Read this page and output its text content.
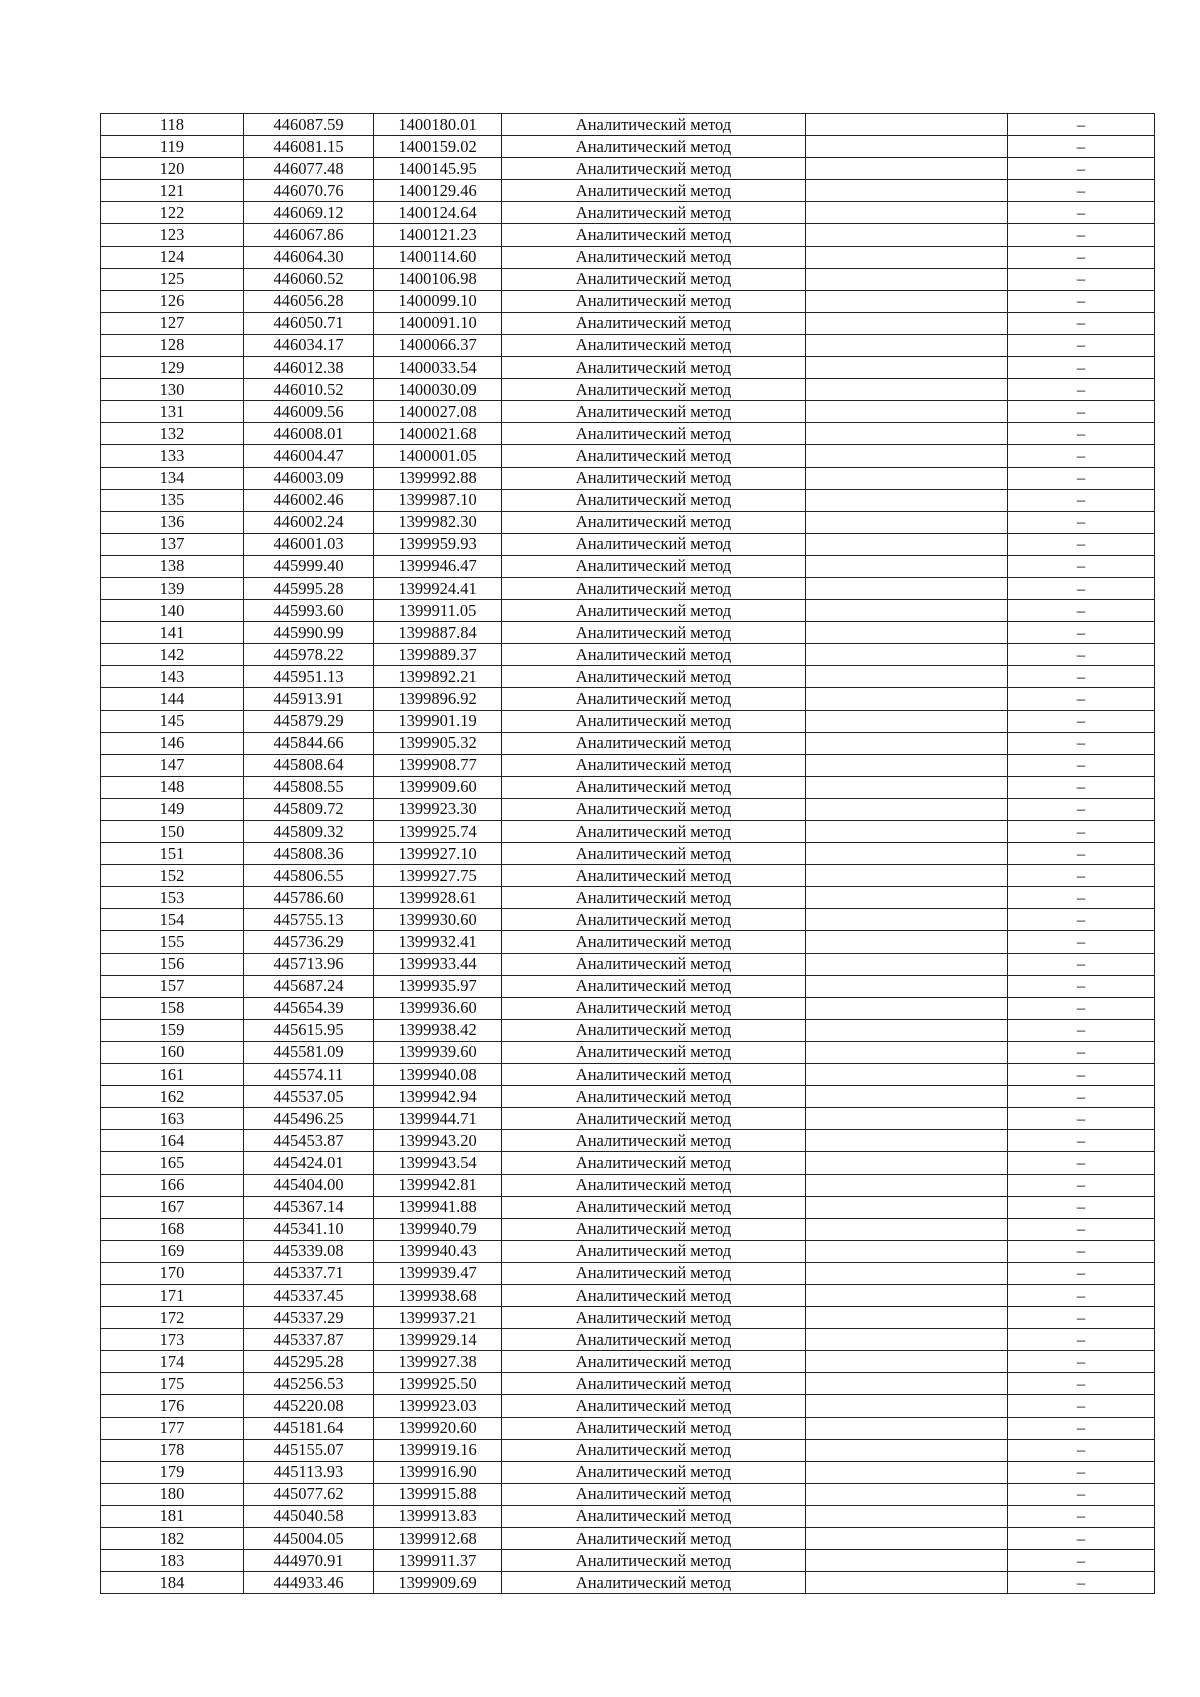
118	446087.59	1400180.01	Аналитический метод		–
119	446081.15	1400159.02	Аналитический метод		–
120	446077.48	1400145.95	Аналитический метод		–
121	446070.76	1400129.46	Аналитический метод		–
122	446069.12	1400124.64	Аналитический метод		–
123	446067.86	1400121.23	Аналитический метод		–
124	446064.30	1400114.60	Аналитический метод		–
125	446060.52	1400106.98	Аналитический метод		–
126	446056.28	1400099.10	Аналитический метод		–
127	446050.71	1400091.10	Аналитический метод		–
128	446034.17	1400066.37	Аналитический метод		–
129	446012.38	1400033.54	Аналитический метод		–
130	446010.52	1400030.09	Аналитический метод		–
131	446009.56	1400027.08	Аналитический метод		–
132	446008.01	1400021.68	Аналитический метод		–
133	446004.47	1400001.05	Аналитический метод		–
134	446003.09	1399992.88	Аналитический метод		–
135	446002.46	1399987.10	Аналитический метод		–
136	446002.24	1399982.30	Аналитический метод		–
137	446001.03	1399959.93	Аналитический метод		–
138	445999.40	1399946.47	Аналитический метод		–
139	445995.28	1399924.41	Аналитический метод		–
140	445993.60	1399911.05	Аналитический метод		–
141	445990.99	1399887.84	Аналитический метод		–
142	445978.22	1399889.37	Аналитический метод		–
143	445951.13	1399892.21	Аналитический метод		–
144	445913.91	1399896.92	Аналитический метод		–
145	445879.29	1399901.19	Аналитический метод		–
146	445844.66	1399905.32	Аналитический метод		–
147	445808.64	1399908.77	Аналитический метод		–
148	445808.55	1399909.60	Аналитический метод		–
149	445809.72	1399923.30	Аналитический метод		–
150	445809.32	1399925.74	Аналитический метод		–
151	445808.36	1399927.10	Аналитический метод		–
152	445806.55	1399927.75	Аналитический метод		–
153	445786.60	1399928.61	Аналитический метод		–
154	445755.13	1399930.60	Аналитический метод		–
155	445736.29	1399932.41	Аналитический метод		–
156	445713.96	1399933.44	Аналитический метод		–
157	445687.24	1399935.97	Аналитический метод		–
158	445654.39	1399936.60	Аналитический метод		–
159	445615.95	1399938.42	Аналитический метод		–
160	445581.09	1399939.60	Аналитический метод		–
161	445574.11	1399940.08	Аналитический метод		–
162	445537.05	1399942.94	Аналитический метод		–
163	445496.25	1399944.71	Аналитический метод		–
164	445453.87	1399943.20	Аналитический метод		–
165	445424.01	1399943.54	Аналитический метод		–
166	445404.00	1399942.81	Аналитический метод		–
167	445367.14	1399941.88	Аналитический метод		–
168	445341.10	1399940.79	Аналитический метод		–
169	445339.08	1399940.43	Аналитический метод		–
170	445337.71	1399939.47	Аналитический метод		–
171	445337.45	1399938.68	Аналитический метод		–
172	445337.29	1399937.21	Аналитический метод		–
173	445337.87	1399929.14	Аналитический метод		–
174	445295.28	1399927.38	Аналитический метод		–
175	445256.53	1399925.50	Аналитический метод		–
176	445220.08	1399923.03	Аналитический метод		–
177	445181.64	1399920.60	Аналитический метод		–
178	445155.07	1399919.16	Аналитический метод		–
179	445113.93	1399916.90	Аналитический метод		–
180	445077.62	1399915.88	Аналитический метод		–
181	445040.58	1399913.83	Аналитический метод		–
182	445004.05	1399912.68	Аналитический метод		–
183	444970.91	1399911.37	Аналитический метод		–
184	444933.46	1399909.69	Аналитический метод		–
